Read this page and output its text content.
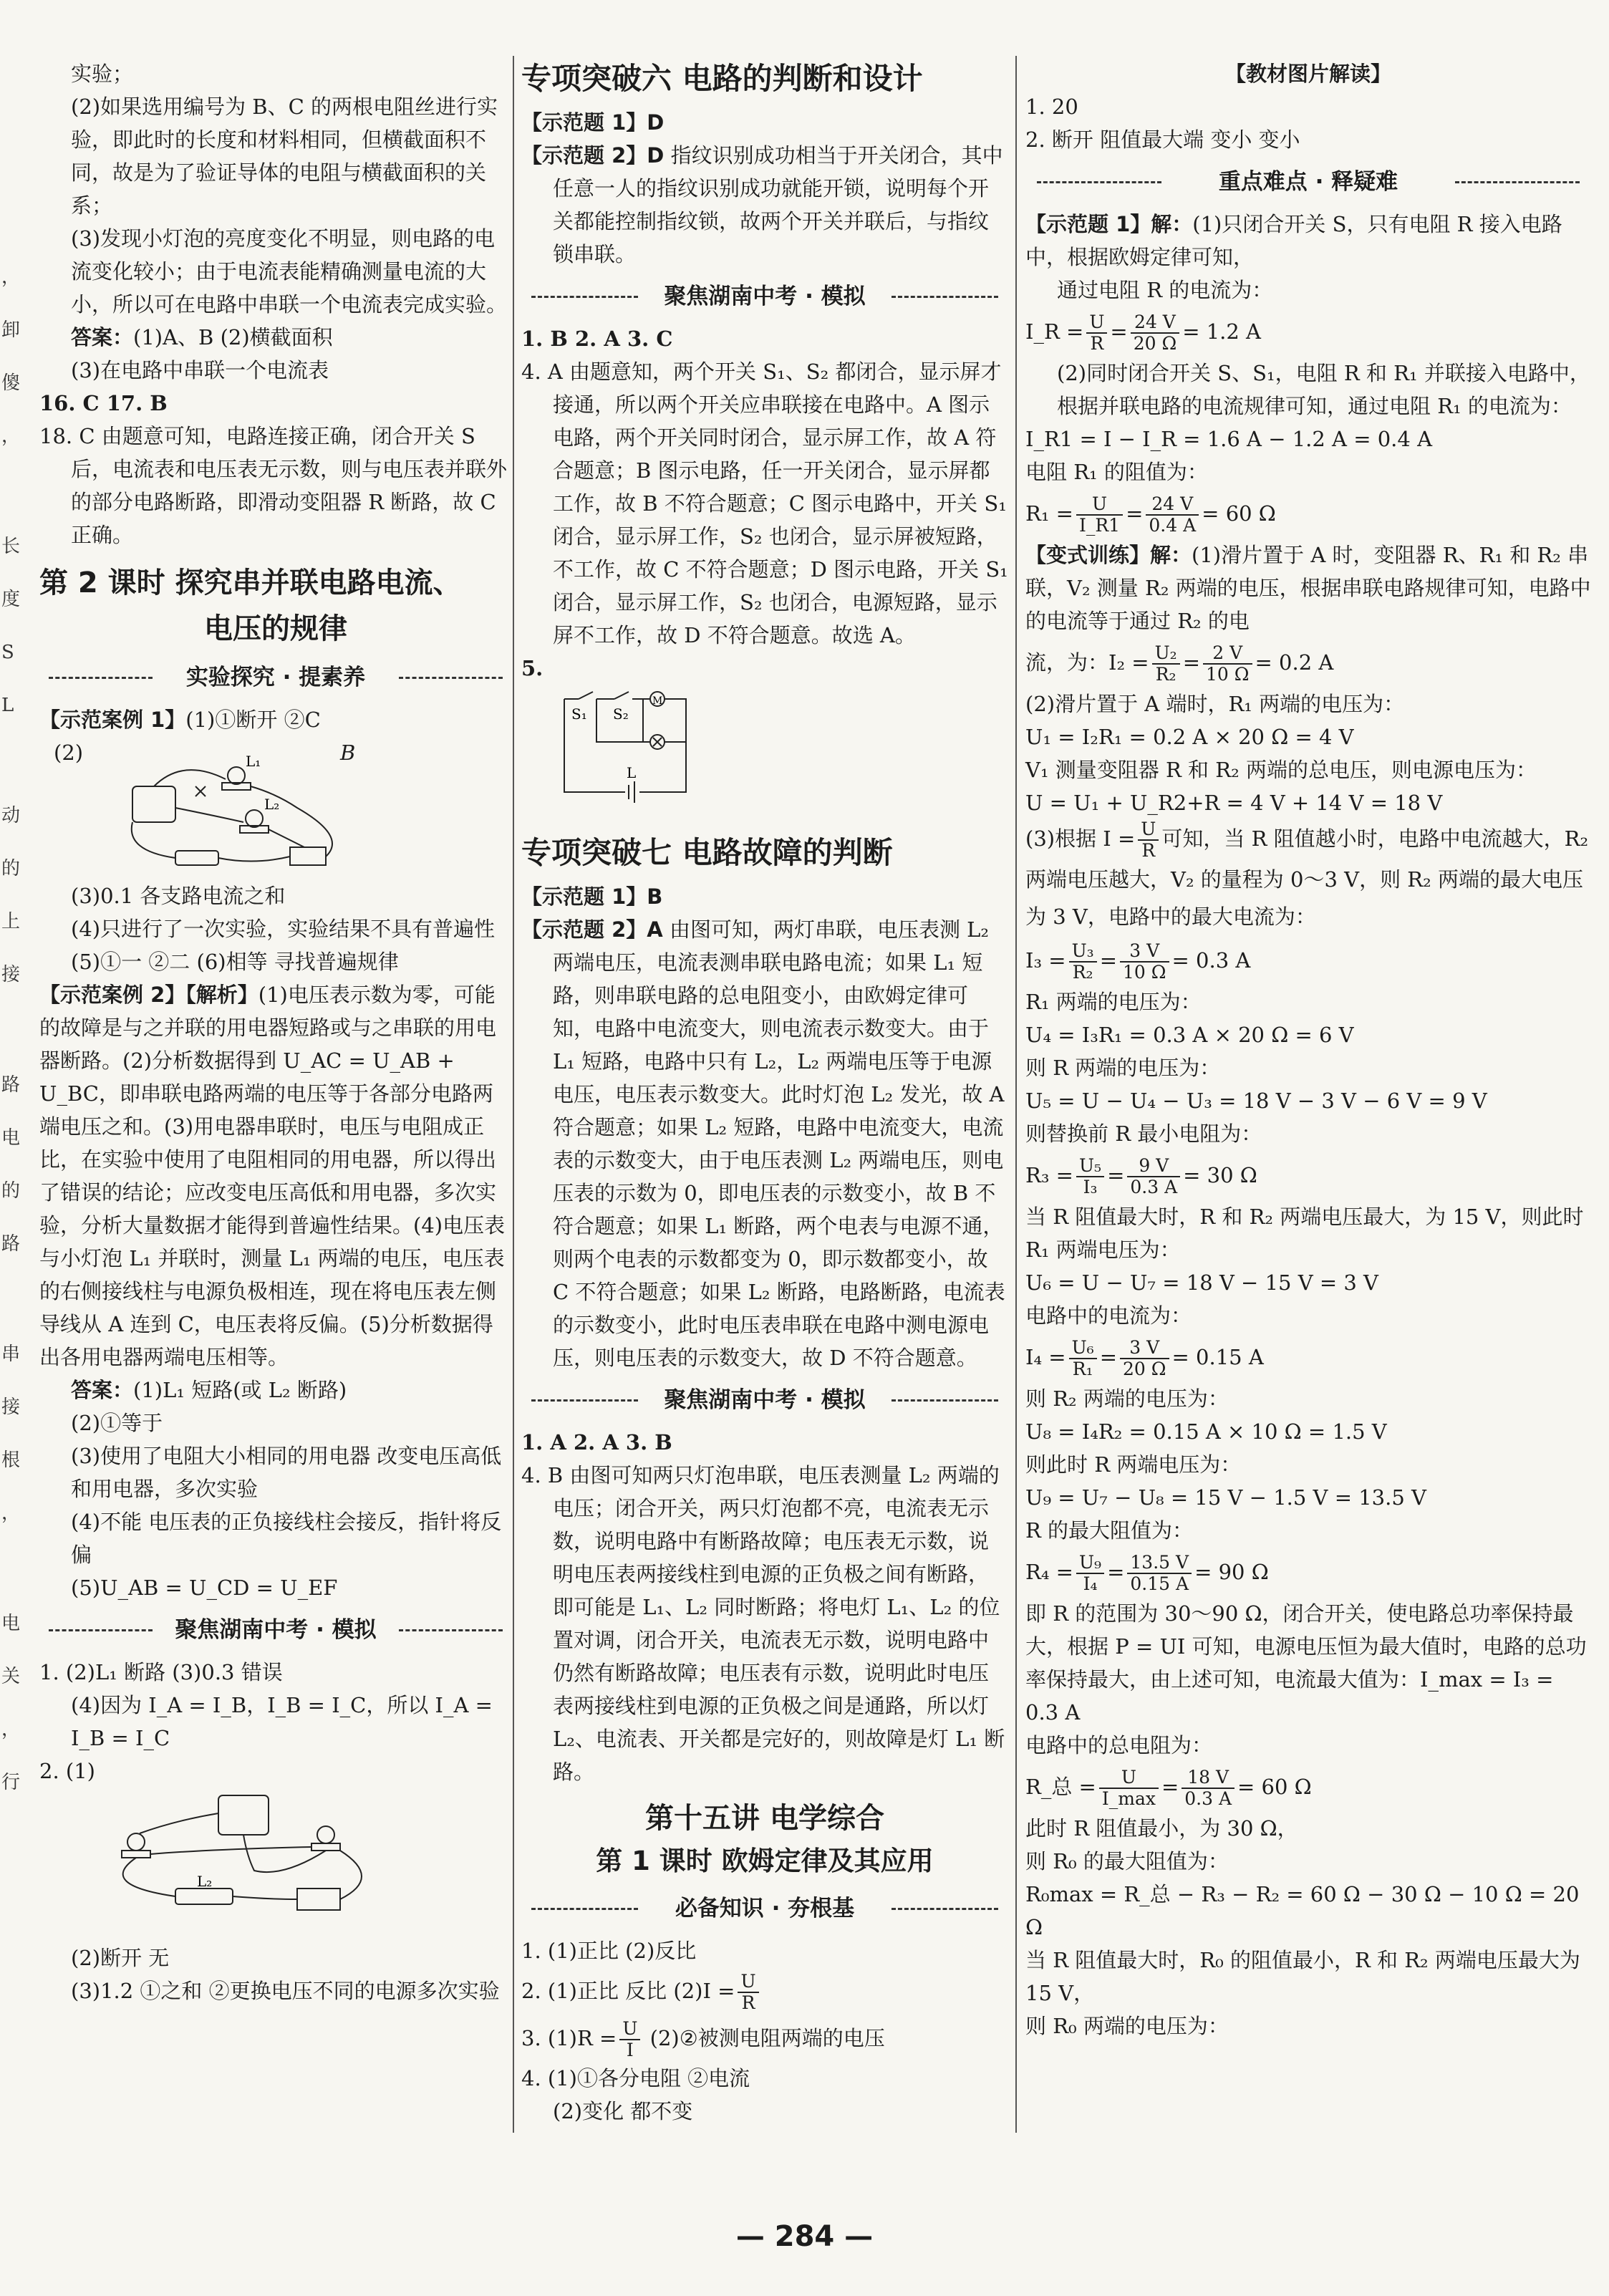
，
卸
傻
，
长
度
S
L
动
的
上
接
路
电
的
路
串
接
根
，
电
关
，
行

实验；

(2)如果选用编号为 B、C 的两根电阻丝进行实验，即此时的长度和材料相同，但横截面积不同，故是为了验证导体的电阻与横截面积的关系；

(3)发现小灯泡的亮度变化不明显，则电路的电流变化较小；由于电流表能精确测量电流的大小，所以可在电路中串联一个电流表完成实验。

答案：(1)A、B (2)横截面积

(3)在电路中串联一个电流表

16. C 17. B

18. C 由题意可知，电路连接正确，闭合开关 S 后，电流表和电压表无示数，则与电压表并联外的部分电路断路，即滑动变阻器 R 断路，故 C 正确。

第 2 课时 探究串并联电路电流、
电压的规律
实验探究 · 提素养

【示范案例 1】(1)①断开 ②C

(2)	B
L₁
L₂

(3)0.1 各支路电流之和

(4)只进行了一次实验，实验结果不具有普遍性

(5)①一 ②二 (6)相等 寻找普遍规律

【示范案例 2】【解析】(1)电压表示数为零，可能的故障是与之并联的用电器短路或与之串联的用电器断路。(2)分析数据得到 U_AC = U_AB + U_BC，即串联电路两端的电压等于各部分电路两端电压之和。(3)用电器串联时，电压与电阻成正比，在实验中使用了电阻相同的用电器，所以得出了错误的结论；应改变电压高低和用电器，多次实验，分析大量数据才能得到普遍性结果。(4)电压表与小灯泡 L₁ 并联时，测量 L₁ 两端的电压，电压表的右侧接线柱与电源负极相连，现在将电压表左侧导线从 A 连到 C，电压表将反偏。(5)分析数据得出各用电器两端电压相等。

答案：(1)L₁ 短路(或 L₂ 断路)

(2)①等于

(3)使用了电阻大小相同的用电器 改变电压高低和用电器，多次实验

(4)不能 电压表的正负接线柱会接反，指针将反偏

(5)U_AB = U_CD = U_EF

聚焦湖南中考 · 模拟

1. (2)L₁ 断路 (3)0.3 错误

(4)因为 I_A = I_B，I_B = I_C，所以 I_A = I_B = I_C

2. (1)

L₂

(2)断开 无

(3)1.2 ①之和 ②更换电压不同的电源多次实验

专项突破六 电路的判断和设计

【示范题 1】D

【示范题 2】D 指纹识别成功相当于开关闭合，其中任意一人的指纹识别成功就能开锁，说明每个开关都能控制指纹锁，故两个开关并联后，与指纹锁串联。

聚焦湖南中考 · 模拟

1. B 2. A 3. C

4. A 由题意知，两个开关 S₁、S₂ 都闭合，显示屏才接通，所以两个开关应串联接在电路中。A 图示电路，两个开关同时闭合，显示屏工作，故 A 符合题意；B 图示电路，任一开关闭合，显示屏都工作，故 B 不符合题意；C 图示电路中，开关 S₁ 闭合，显示屏工作，S₂ 也闭合，显示屏被短路，不工作，故 C 不符合题意；D 图示电路，开关 S₁ 闭合，显示屏工作，S₂ 也闭合，电源短路，显示屏不工作，故 D 不符合题意。故选 A。

5.

S₁ S₂
M
L
专项突破七 电路故障的判断

【示范题 1】B

【示范题 2】A 由图可知，两灯串联，电压表测 L₂ 两端电压，电流表测串联电路电流；如果 L₁ 短路，则串联电路的总电阻变小，由欧姆定律可知，电路中电流变大，则电流表示数变大。由于 L₁ 短路，电路中只有 L₂，L₂ 两端电压等于电源电压，电压表示数变大。此时灯泡 L₂ 发光，故 A 符合题意；如果 L₂ 短路，电路中电流变大，电流表的示数变大，由于电压表测 L₂ 两端电压，则电压表的示数为 0，即电压表的示数变小，故 B 不符合题意；如果 L₁ 断路，两个电表与电源不通，则两个电表的示数都变为 0，即示数都变小，故 C 不符合题意；如果 L₂ 断路，电路断路，电流表的示数变小，此时电压表串联在电路中测电源电压，则电压表的示数变大，故 D 不符合题意。

聚焦湖南中考 · 模拟

1. A 2. A 3. B

4. B 由图可知两只灯泡串联，电压表测量 L₂ 两端的电压；闭合开关，两只灯泡都不亮，电流表无示数，说明电路中有断路故障；电压表无示数，说明电压表两接线柱到电源的正负极之间有断路，即可能是 L₁、L₂ 同时断路；将电灯 L₁、L₂ 的位置对调，闭合开关，电流表无示数，说明电路中仍然有断路故障；电压表有示数，说明此时电压表两接线柱到电源的正负极之间是通路，所以灯 L₂、电流表、开关都是完好的，则故障是灯 L₁ 断路。

第十五讲 电学综合
第 1 课时 欧姆定律及其应用
必备知识 · 夯根基

1. (1)正比 (2)反比

2. (1)正比 反比 $(2)I = \frac{U}{R}$

3. $(1)R = \frac{U}{I}$ (2)②被测电阻两端的电压

4. (1)①各分电阻 ②电流

(2)变化 都不变

【教材图片解读】

1. 20

2. 断开 阻值最大端 变小 变小

重点难点 · 释疑难

【示范题 1】解：(1)只闭合开关 S，只有电阻 R 接入电路中，根据欧姆定律可知，

通过电阻 R 的电流为：

I_R = $\frac{U}{R} = \frac{24 V}{20 \Omega} = 1.2$ A

(2)同时闭合开关 S、S₁，电阻 R 和 R₁ 并联接入电路中，根据并联电路的电流规律可知，通过电阻 R₁ 的电流为：

I_R1 = I − I_R = 1.6 A − 1.2 A = 0.4 A

电阻 R₁ 的阻值为：

$R_1 = \frac{U}{I\_R1} = \frac{24 V}{0.4 A} = 60$ Ω

【变式训练】解：(1)滑片置于 A 时，变阻器 R、R₁ 和 R₂ 串联，V₂ 测量 R₂ 两端的电压，根据串联电路规律可知，电路中的电流等于通过 R₂ 的电

流，为：$I_2 = \frac{\text{U₂}}{\text{R₂}} = \frac{2 V}{10 \Omega} = 0.2$ A

(2)滑片置于 A 端时，R₁ 两端的电压为：

U₁ = I₂R₁ = 0.2 A × 20 Ω = 4 V

V₁ 测量变阻器 R 和 R₂ 两端的总电压，则电源电压为：

U = U₁ + U_R2+R = 4 V + 14 V = 18 V

(3)根据 $I = \frac{U}{R}$ 可知，当 R 阻值越小时，电路中电流越大，R₂ 两端电压越大，V₂ 的量程为 0～3 V，则 R₂ 两端的最大电压为 3 V，电路中的最大电流为：

$I_3 = \frac{\text{U₃}}{\text{R₂}} = \frac{3 V}{10 \Omega} = 0.3$ A

R₁ 两端的电压为：

U₄ = I₃R₁ = 0.3 A × 20 Ω = 6 V

则 R 两端的电压为：

U₅ = U − U₄ − U₃ = 18 V − 3 V − 6 V = 9 V

则替换前 R 最小电阻为：

$R_3 = \frac{\text{U₅}}{\text{I₃}} = \frac{9 V}{0.3 A} = 30$ Ω

当 R 阻值最大时，R 和 R₂ 两端电压最大，为 15 V，则此时 R₁ 两端电压为：

U₆ = U − U₇ = 18 V − 15 V = 3 V

电路中的电流为：

$I_4 = \frac{\text{U₆}}{\text{R₁}} = \frac{3 V}{20 \Omega} = 0.15$ A

则 R₂ 两端的电压为：

U₈ = I₄R₂ = 0.15 A × 10 Ω = 1.5 V

则此时 R 两端电压为：

U₉ = U₇ − U₈ = 15 V − 1.5 V = 13.5 V

R 的最大阻值为：

$R_4 = \frac{\text{U₉}}{\text{I₄}} = \frac{13.5 V}{0.15 A} = 90$ Ω

即 R 的范围为 30～90 Ω，闭合开关，使电路总功率保持最大，根据 P = UI 可知，电源电压恒为最大值时，电路的总功率保持最大，由上述可知，电流最大值为：I_max = I₃ = 0.3 A

电路中的总电阻为：

R_总 = $\frac{U}{I\_\max} = \frac{18 V}{0.3 A} = 60$ Ω

此时 R 阻值最小，为 30 Ω，

则 R₀ 的最大阻值为：

R₀max = R_总 − R₃ − R₂ = 60 Ω − 30 Ω − 10 Ω = 20 Ω

当 R 阻值最大时，R₀ 的阻值最小，R 和 R₂ 两端电压最大为 15 V，

则 R₀ 两端的电压为：

— 284 —
